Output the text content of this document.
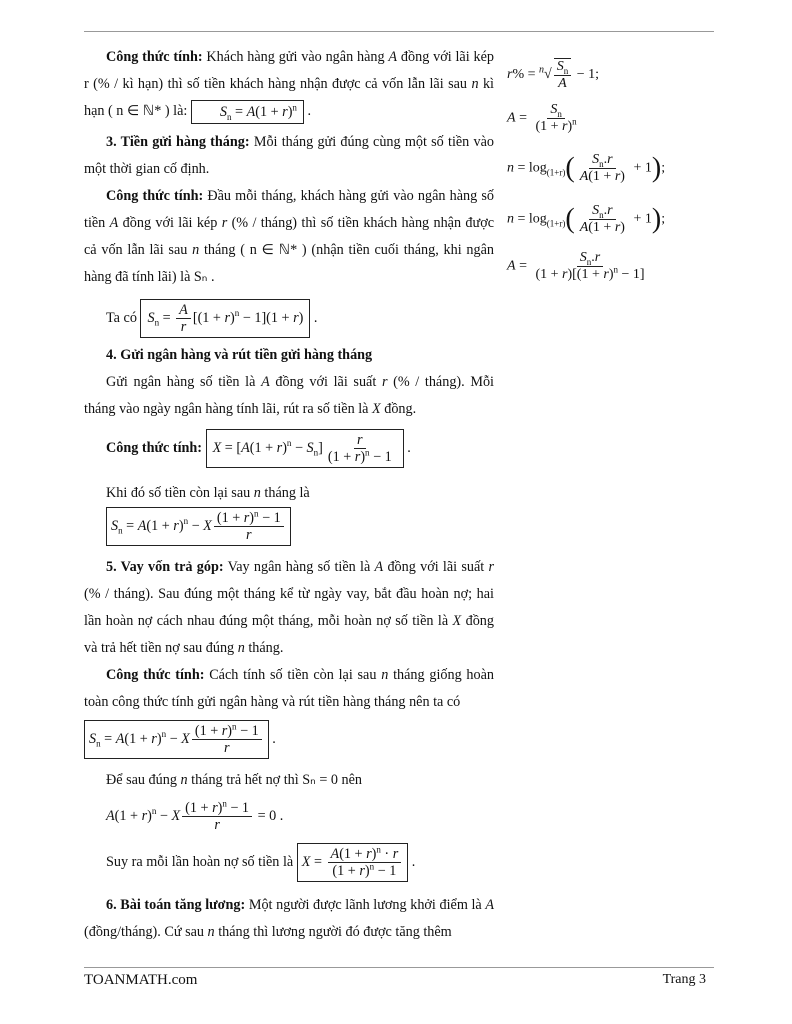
Công thức tính: Khách hàng gửi vào ngân hàng A đồng với lãi kép r (% / kì hạn) thì số tiền khách hàng nhận được cả vốn lẫn lãi sau n kì hạn ( n ∈ ℕ* ) là: $S_n = A(1 + r)^n$ .
3. Tiền gửi hàng tháng: Mỗi tháng gửi đúng cùng một số tiền vào một thời gian cố định.
Công thức tính: Đầu mỗi tháng, khách hàng gửi vào ngân hàng số tiền A đồng với lãi kép r (% / tháng) thì số tiền khách hàng nhận được cả vốn lẫn lãi sau n tháng ( n ∈ ℕ* ) (nhận tiền cuối tháng, khi ngân hàng đã tính lãi) là Sₙ .
Ta có $S_n = \frac{A}{r} [(1 + r)^n - 1](1 + r)$ .
4. Gửi ngân hàng và rút tiền gửi hàng tháng
Gửi ngân hàng số tiền là A đồng với lãi suất r (% / tháng). Mỗi tháng vào ngày ngân hàng tính lãi, rút ra số tiền là X đồng.
Công thức tính: $X = [A(1 + r)^n - S_n] \frac{r}{(1 + r)^n - 1}$ .
Khi đó số tiền còn lại sau n tháng là $S_n = A(1 + r)^n - X \frac{(1 + r)^n - 1}{r}$
5. Vay vốn trả góp: Vay ngân hàng số tiền là A đồng với lãi suất r (% / tháng). Sau đúng một tháng kể từ ngày vay, bắt đầu hoàn nợ; hai lần hoàn nợ cách nhau đúng một tháng, mỗi hoàn nợ số tiền là X đồng và trả hết tiền nợ sau đúng n tháng.
Công thức tính: Cách tính số tiền còn lại sau n tháng giống hoàn toàn công thức tính gửi ngân hàng và rút tiền hàng tháng nên ta có
$S_n = A(1 + r)^n - X \frac{(1 + r)^n - 1}{r}$ .
Để sau đúng n tháng trả hết nợ thì Sₙ = 0 nên
$A(1 + r)^n - X \frac{(1 + r)^n - 1}{r} = 0$ .
Suy ra mỗi lần hoàn nợ số tiền là $X = \frac{A(1 + r)^n \cdot r}{(1 + r)^n - 1}$ .
6. Bài toán tăng lương: Một người được lãnh lương khởi điểm là A (đồng/tháng). Cứ sau n tháng thì lương người đó được tăng thêm
$r\% = ^n√ \frac{S_n}{A} - 1$;
$A = \frac{S_n}{(1 + r)^n}$
$n = \log_{(1+r)}( \frac{S_n.r}{A(1 + r)} + 1)$;
$n = \log_{(1+r)}( \frac{S_n.r}{A(1 + r)} + 1)$;
$A = \frac{S_n.r}{(1 + r)[(1 + r)^n - 1]}$
TOANMATH.com	Trang 3
